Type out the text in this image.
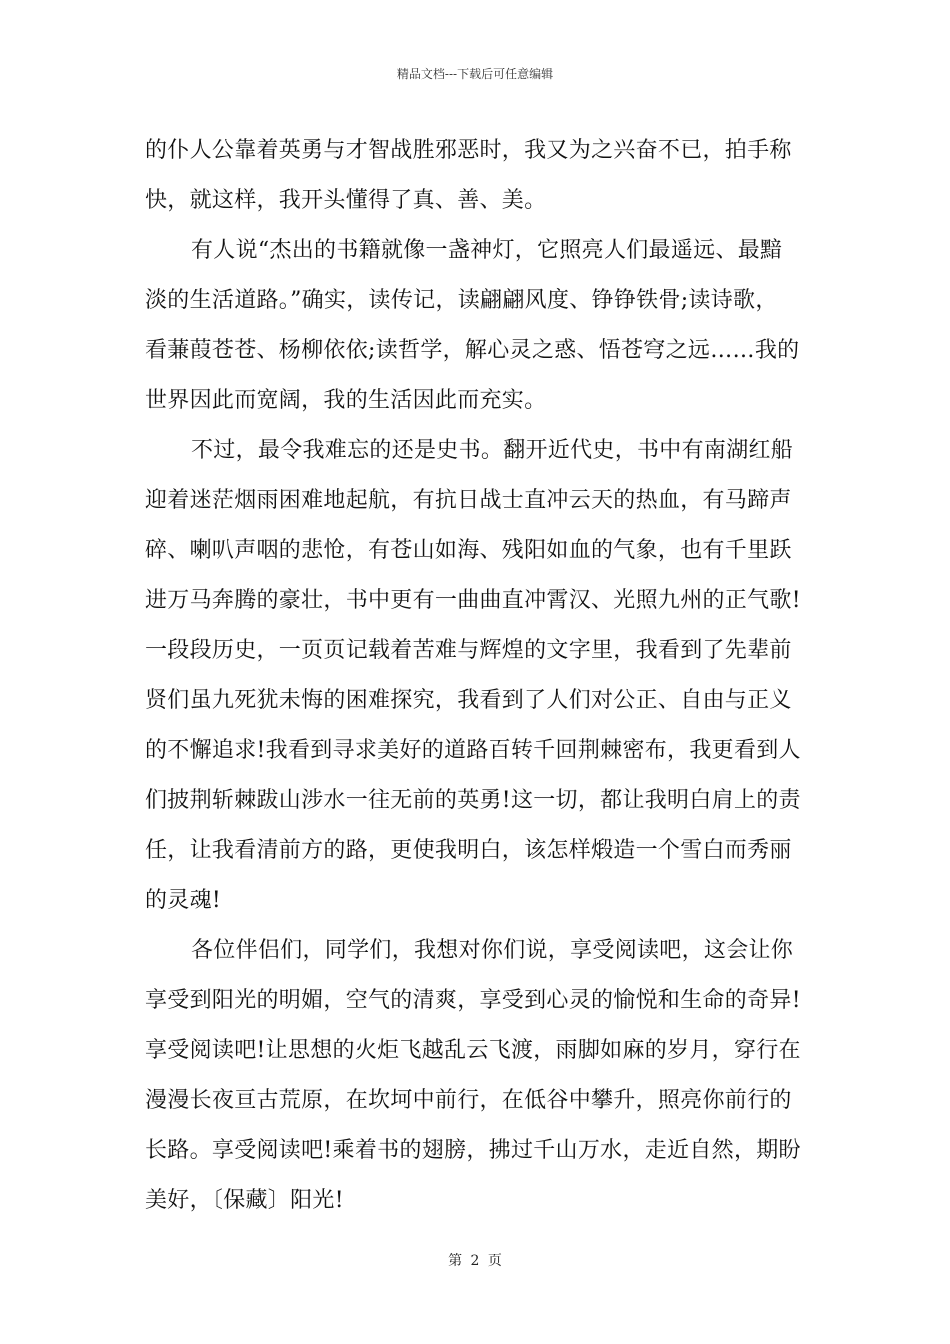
精品文档---下载后可任意编辑
的仆人公靠着英勇与才智战胜邪恶时，我又为之兴奋不已，拍手称
快，就这样，我开头懂得了真、善、美。
有人说“杰出的书籍就像一盏神灯，它照亮人们最遥远、最黯
淡的生活道路。”确实，读传记，读翩翩风度、铮铮铁骨;读诗歌，
看蒹葭苍苍、杨柳依依;读哲学，解心灵之惑、悟苍穹之远……我的
世界因此而宽阔，我的生活因此而充实。
不过，最令我难忘的还是史书。翻开近代史，书中有南湖红船
迎着迷茫烟雨困难地起航，有抗日战士直冲云天的热血，有马蹄声
碎、喇叭声咽的悲怆，有苍山如海、残阳如血的气象，也有千里跃
进万马奔腾的豪壮，书中更有一曲曲直冲霄汉、光照九州的正气歌!
一段段历史，一页页记载着苦难与辉煌的文字里，我看到了先辈前
贤们虽九死犹未悔的困难探究，我看到了人们对公正、自由与正义
的不懈追求!我看到寻求美好的道路百转千回荆棘密布，我更看到人
们披荆斩棘跋山涉水一往无前的英勇!这一切，都让我明白肩上的责
任，让我看清前方的路，更使我明白，该怎样煅造一个雪白而秀丽
的灵魂!
各位伴侣们，同学们，我想对你们说，享受阅读吧，这会让你
享受到阳光的明媚，空气的清爽，享受到心灵的愉悦和生命的奇异!
享受阅读吧!让思想的火炬飞越乱云飞渡，雨脚如麻的岁月，穿行在
漫漫长夜亘古荒原，在坎坷中前行，在低谷中攀升，照亮你前行的
长路。享受阅读吧!乘着书的翅膀，拂过千山万水，走近自然，期盼
美好，〔保藏〕阳光!
第 2 页
